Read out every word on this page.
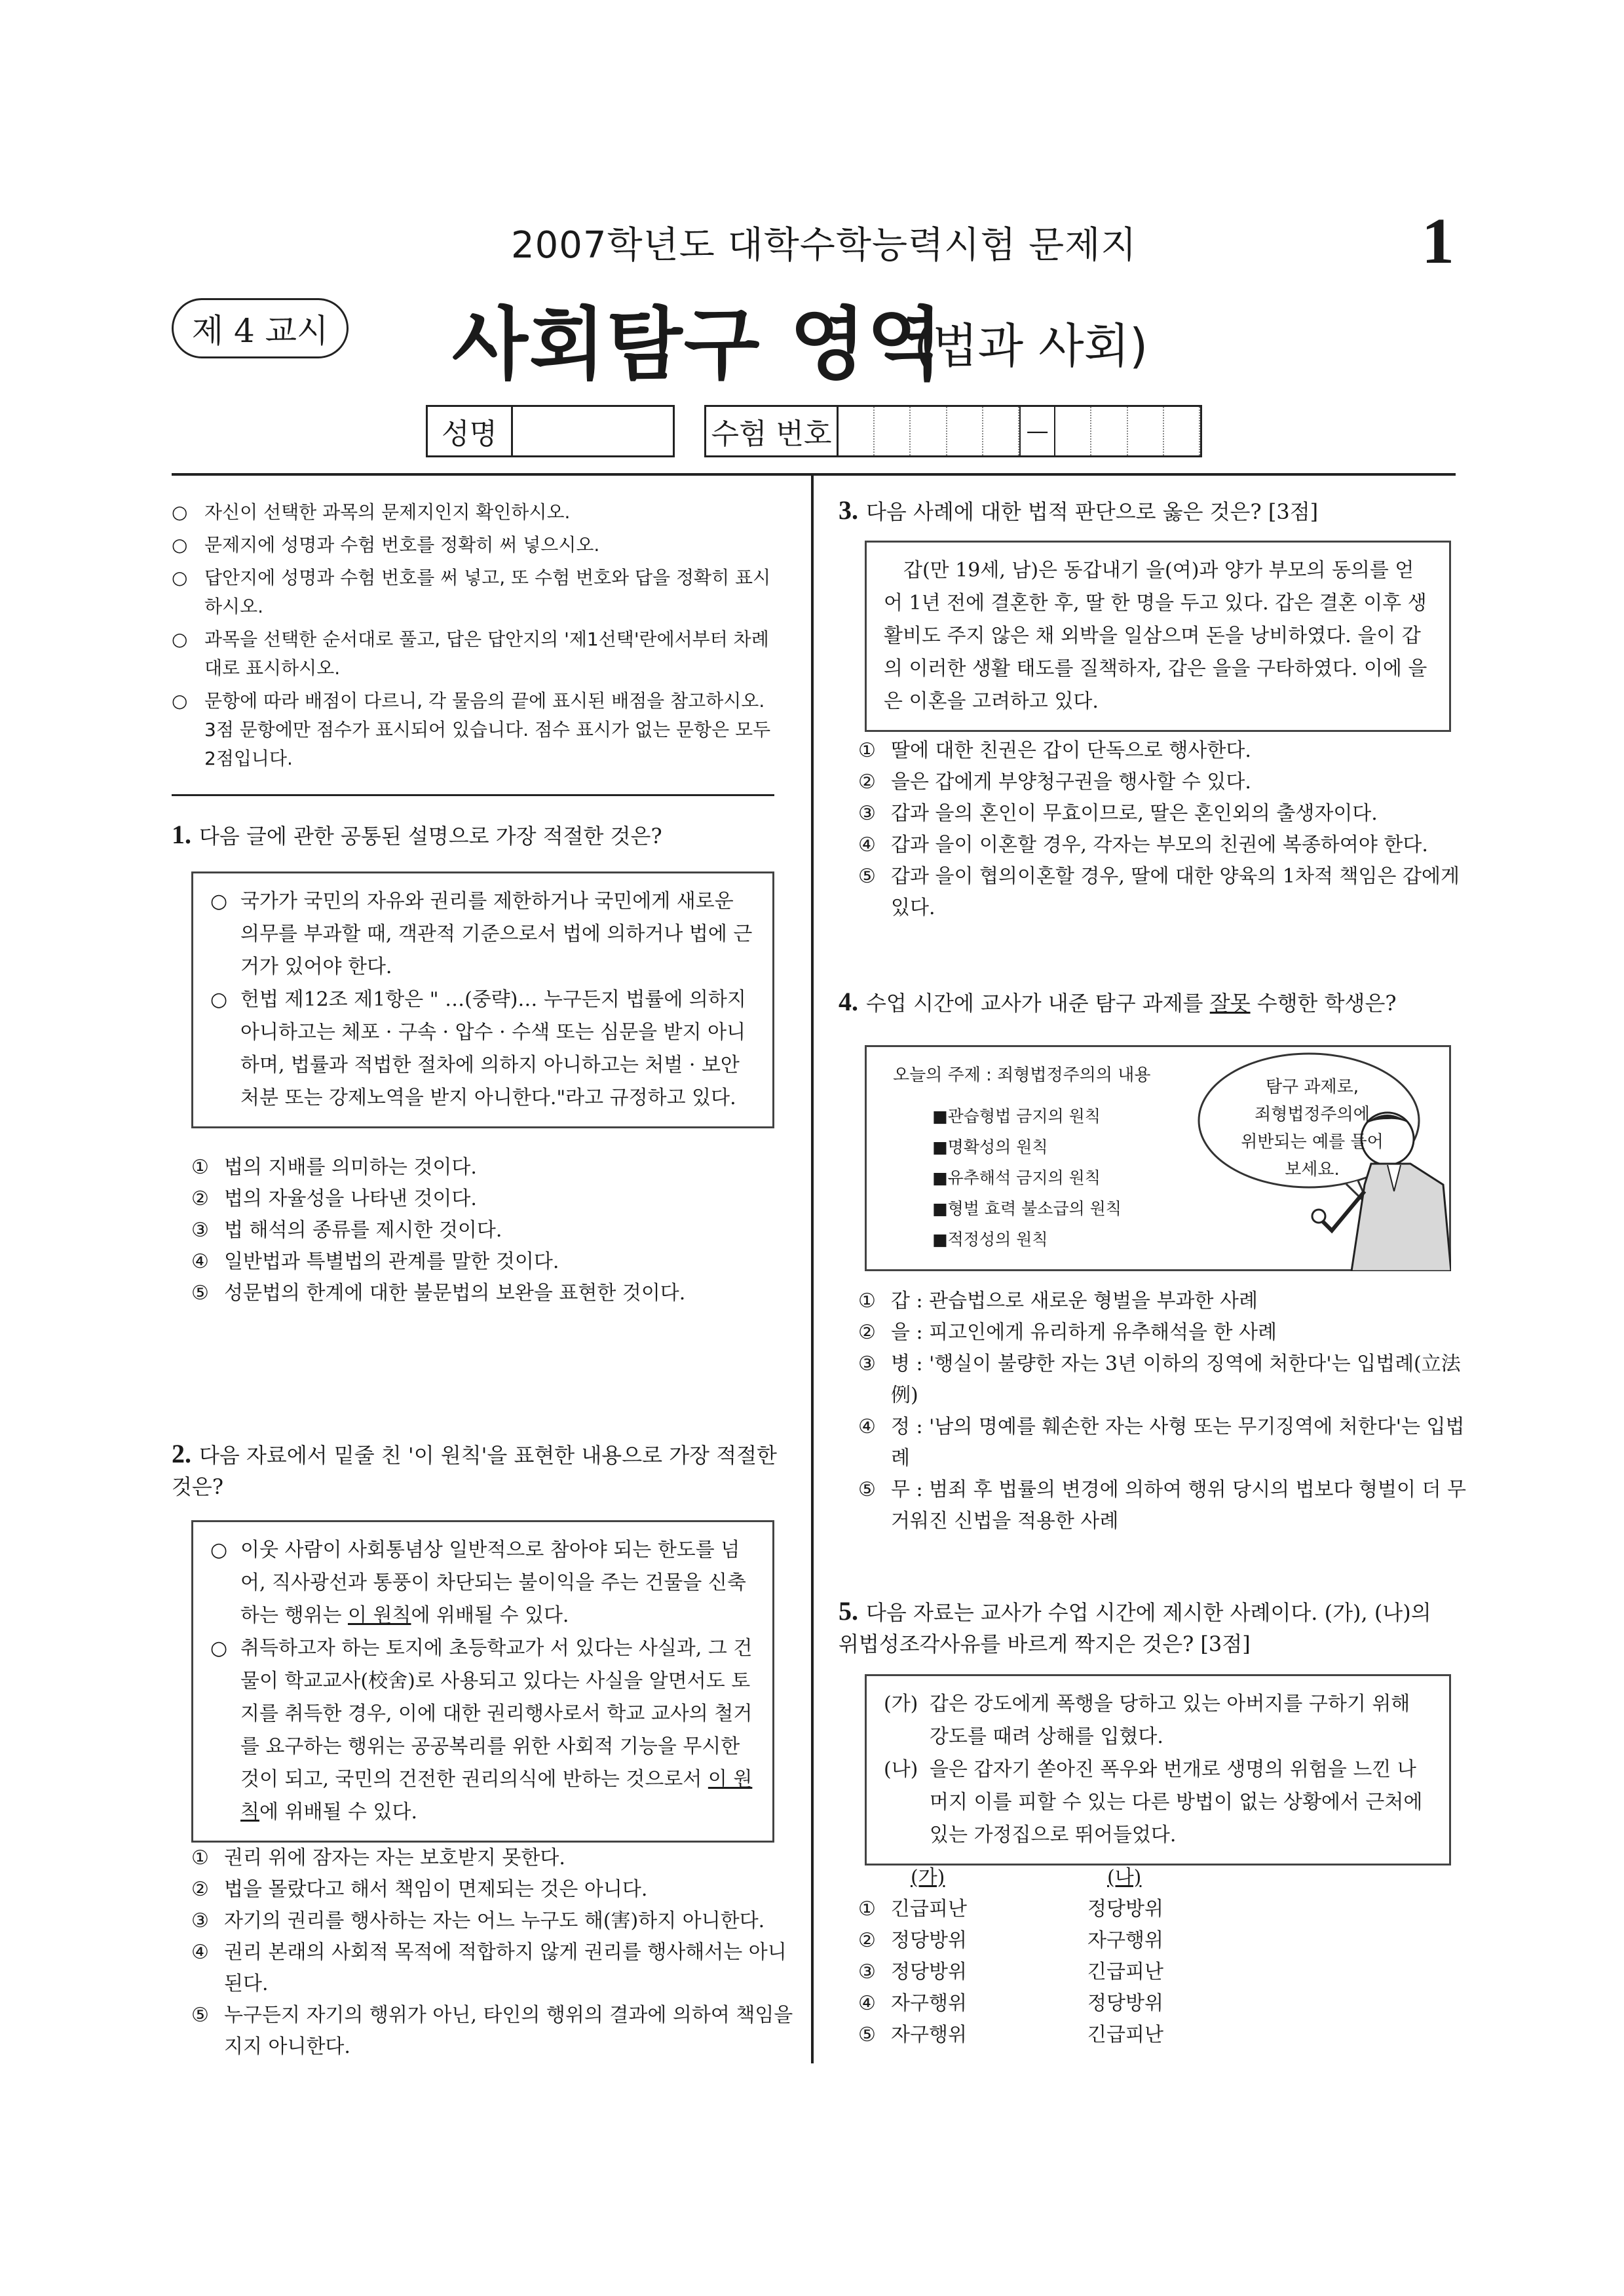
2007학년도 대학수학능력시험 문제지	1
제 4 교시 사회탐구 영역
(법과 사회)
성명	수험 번호	—
○ 자신이 선택한 과목의 문제지인지 확인하시오.
○ 문제지에 성명과 수험 번호를 정확히 써 넣으시오.
○ 답안지에 성명과 수험 번호를 써 넣고, 또 수험 번호와 답을 정확히 표시하시오.
○ 과목을 선택한 순서대로 풀고, 답은 답안지의 '제1선택'란에서부터 차례대로 표시하시오.
○ 문항에 따라 배점이 다르니, 각 물음의 끝에 표시된 배점을 참고하시오. 3점 문항에만 점수가 표시되어 있습니다. 점수 표시가 없는 문항은 모두 2점입니다.
1. 다음 글에 관한 공통된 설명으로 가장 적절한 것은?
○ 국가가 국민의 자유와 권리를 제한하거나 국민에게 새로운 의무를 부과할 때, 객관적 기준으로서 법에 의하거나 법에 근거가 있어야 한다.
○ 헌법 제12조 제1항은 " …(중략)… 누구든지 법률에 의하지 아니하고는 체포 · 구속 · 압수 · 수색 또는 심문을 받지 아니하며, 법률과 적법한 절차에 의하지 아니하고는 처벌 · 보안처분 또는 강제노역을 받지 아니한다."라고 규정하고 있다.
① 법의 지배를 의미하는 것이다.
② 법의 자율성을 나타낸 것이다.
③ 법 해석의 종류를 제시한 것이다.
④ 일반법과 특별법의 관계를 말한 것이다.
⑤ 성문법의 한계에 대한 불문법의 보완을 표현한 것이다.
2. 다음 자료에서 밑줄 친 '이 원칙'을 표현한 내용으로 가장 적절한 것은?
○ 이웃 사람이 사회통념상 일반적으로 참아야 되는 한도를 넘어, 직사광선과 통풍이 차단되는 불이익을 주는 건물을 신축하는 행위는 이 원칙에 위배될 수 있다.
○ 취득하고자 하는 토지에 초등학교가 서 있다는 사실과, 그 건물이 학교교사(校舍)로 사용되고 있다는 사실을 알면서도 토지를 취득한 경우, 이에 대한 권리행사로서 학교 교사의 철거를 요구하는 행위는 공공복리를 위한 사회적 기능을 무시한 것이 되고, 국민의 건전한 권리의식에 반하는 것으로서 이 원칙에 위배될 수 있다.
① 권리 위에 잠자는 자는 보호받지 못한다.
② 법을 몰랐다고 해서 책임이 면제되는 것은 아니다.
③ 자기의 권리를 행사하는 자는 어느 누구도 해(害)하지 아니한다.
④ 권리 본래의 사회적 목적에 적합하지 않게 권리를 행사해서는 아니된다.
⑤ 누구든지 자기의 행위가 아닌, 타인의 행위의 결과에 의하여 책임을 지지 아니한다.
3. 다음 사례에 대한 법적 판단으로 옳은 것은? [3점]
갑(만 19세, 남)은 동갑내기 을(여)과 양가 부모의 동의를 얻어 1년 전에 결혼한 후, 딸 한 명을 두고 있다. 갑은 결혼 이후 생활비도 주지 않은 채 외박을 일삼으며 돈을 낭비하였다. 을이 갑의 이러한 생활 태도를 질책하자, 갑은 을을 구타하였다. 이에 을은 이혼을 고려하고 있다.
① 딸에 대한 친권은 갑이 단독으로 행사한다.
② 을은 갑에게 부양청구권을 행사할 수 있다.
③ 갑과 을의 혼인이 무효이므로, 딸은 혼인외의 출생자이다.
④ 갑과 을이 이혼할 경우, 각자는 부모의 친권에 복종하여야 한다.
⑤ 갑과 을이 협의이혼할 경우, 딸에 대한 양육의 1차적 책임은 갑에게 있다.
4. 수업 시간에 교사가 내준 탐구 과제를 잘못 수행한 학생은?
오늘의 주제 : 죄형법정주의의 내용
■관습형법 금지의 원칙
■명확성의 원칙
■유추해석 금지의 원칙
■형벌 효력 불소급의 원칙
■적정성의 원칙
탐구 과제로,
죄형법정주의에
위반되는 예를 들어
보세요.
① 갑 : 관습법으로 새로운 형벌을 부과한 사례
② 을 : 피고인에게 유리하게 유추해석을 한 사례
③ 병 : '행실이 불량한 자는 3년 이하의 징역에 처한다'는 입법례(立法例)
④ 정 : '남의 명예를 훼손한 자는 사형 또는 무기징역에 처한다'는 입법례
⑤ 무 : 범죄 후 법률의 변경에 의하여 행위 당시의 법보다 형벌이 더 무거워진 신법을 적용한 사례
5. 다음 자료는 교사가 수업 시간에 제시한 사례이다. (가), (나)의 위법성조각사유를 바르게 짝지은 것은? [3점]
(가) 갑은 강도에게 폭행을 당하고 있는 아버지를 구하기 위해 강도를 때려 상해를 입혔다.
(나) 을은 갑자기 쏟아진 폭우와 번개로 생명의 위험을 느낀 나머지 이를 피할 수 있는 다른 방법이 없는 상황에서 근처에 있는 가정집으로 뛰어들었다.
(가)	(나)
① 긴급피난	정당방위
② 정당방위	자구행위
③ 정당방위	긴급피난
④ 자구행위	정당방위
⑤ 자구행위	긴급피난
